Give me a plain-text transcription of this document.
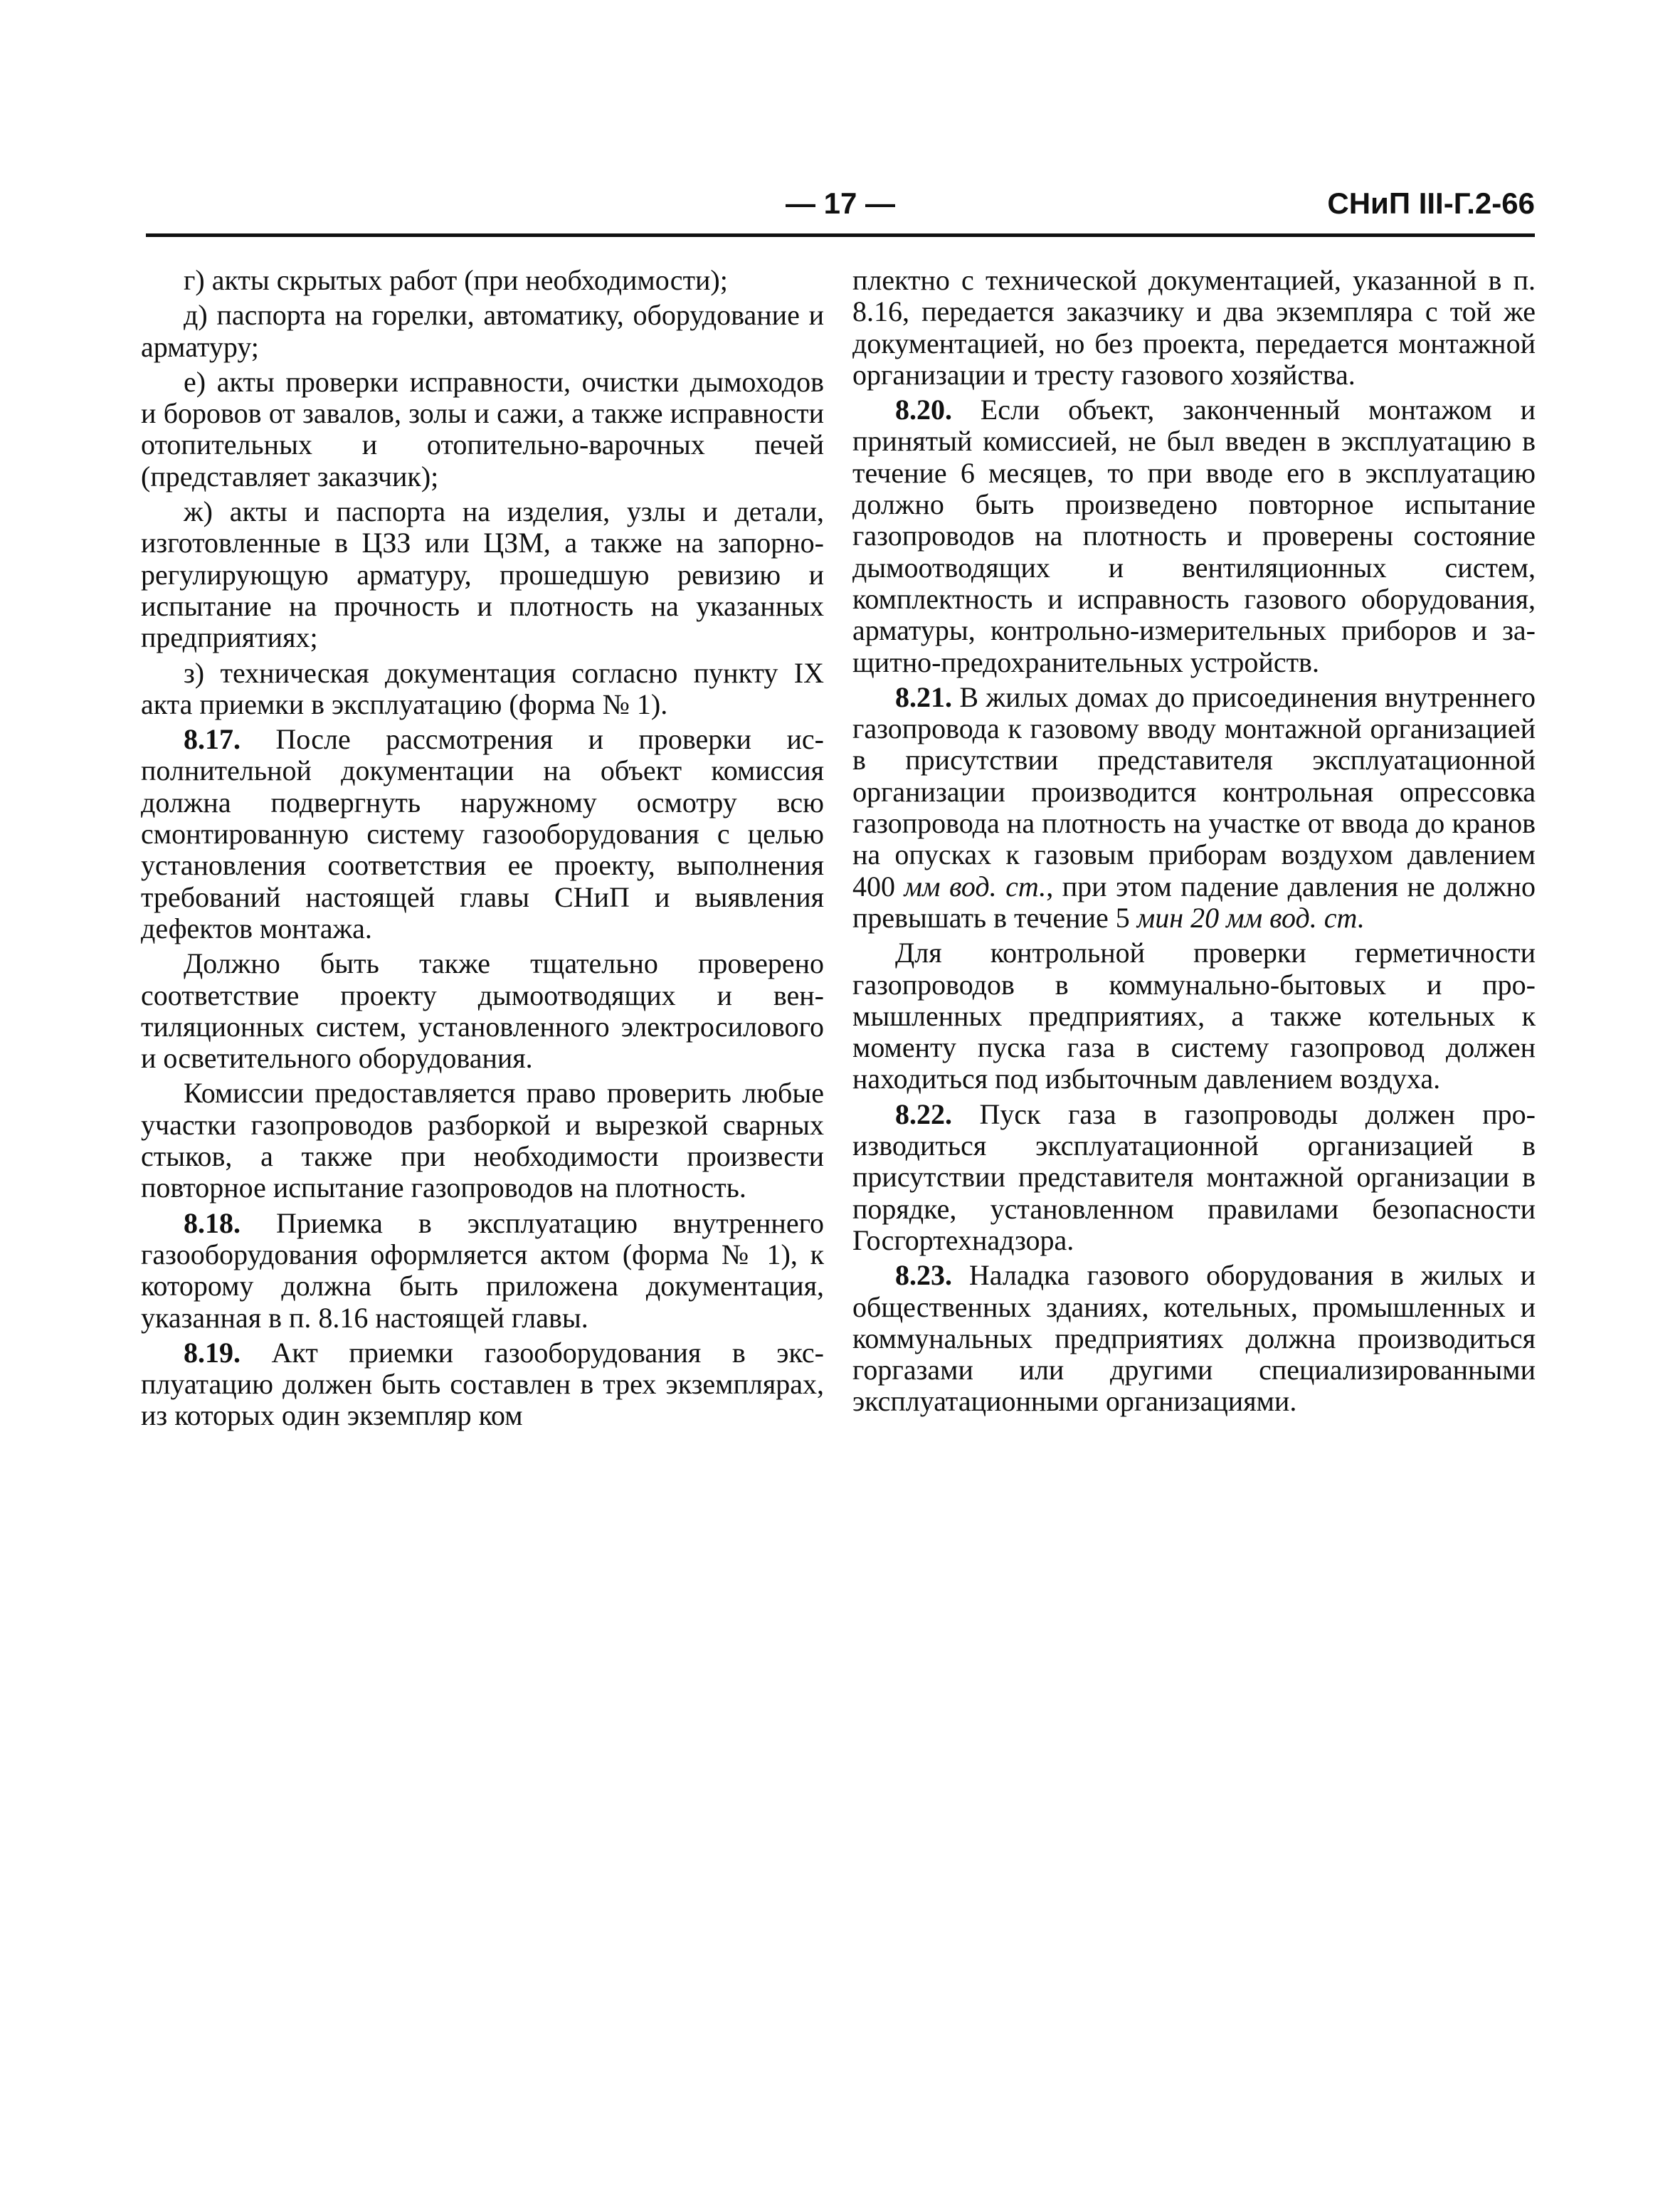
— 17 —	СНиП III-Г.2-66

г) акты скрытых работ (при необходимости);

д) паспорта на горелки, автоматику, оборудование и арматуру;

е) акты проверки исправности, очистки дымоходов и боровов от завалов, золы и сажи, а также исправности отопительных и отопительно-варочных печей (представляет заказчик);

ж) акты и паспорта на изделия, узлы и детали, изготовленные в ЦЗЗ или ЦЗМ, а также на запорно-регулирующую арматуру, прошедшую ревизию и испытание на прочность и плотность на указанных предприятиях;

з) техническая документация согласно пункту IX акта приемки в эксплуатацию (форма № 1).

8.17. После рассмотрения и проверки исполнительной документации на объект комиссия должна подвергнуть наружному осмотру всю смонтированную систему газооборудования с целью установления соответствия ее проекту, выполнения требований настоящей главы СНиП и выявления дефектов монтажа.

Должно быть также тщательно проверено соответствие проекту дымоотводящих и вентиляционных систем, установленного электросилового и осветительного оборудования.

Комиссии предоставляется право проверить любые участки газопроводов разборкой и вырезкой сварных стыков, а также при необходимости произвести повторное испытание газопроводов на плотность.

8.18. Приемка в эксплуатацию внутреннего газооборудования оформляется актом (форма № 1), к которому должна быть приложена документация, указанная в п. 8.16 настоящей главы.

8.19. Акт приемки газооборудования в эксплуатацию должен быть составлен в трех экземплярах, из которых один экземпляр ком

плектно с технической документацией, указанной в п. 8.16, передается заказчику и два экземпляра с той же документацией, но без проекта, передается монтажной организации и тресту газового хозяйства.

8.20. Если объект, законченный монтажом и принятый комиссией, не был введен в эксплуатацию в течение 6 месяцев, то при вводе его в эксплуатацию должно быть произведено повторное испытание газопроводов на плотность и проверены состояние дымоотводящих и вентиляционных систем, комплектность и исправность газового оборудования, арматуры, контрольно-измерительных приборов и защитно-предохранительных устройств.

8.21. В жилых домах до присоединения внутреннего газопровода к газовому вводу монтажной организацией в присутствии представителя эксплуатационной организации производится контрольная опрессовка газопровода на плотность на участке от ввода до кранов на опусках к газовым приборам воздухом давлением 400 мм вод. ст., при этом падение давления не должно превышать в течение 5 мин 20 мм вод. ст.

Для контрольной проверки герметичности газопроводов в коммунально-бытовых и промышленных предприятиях, а также котельных к моменту пуска газа в систему газопровод должен находиться под избыточным давлением воздуха.

8.22. Пуск газа в газопроводы должен производиться эксплуатационной организацией в присутствии представителя монтажной организации в порядке, установленном правилами безопасности Госгортехнадзора.

8.23. Наладка газового оборудования в жилых и общественных зданиях, котельных, промышленных и коммунальных предприятиях должна производиться горгазами или другими специализированными эксплуатационными организациями.
